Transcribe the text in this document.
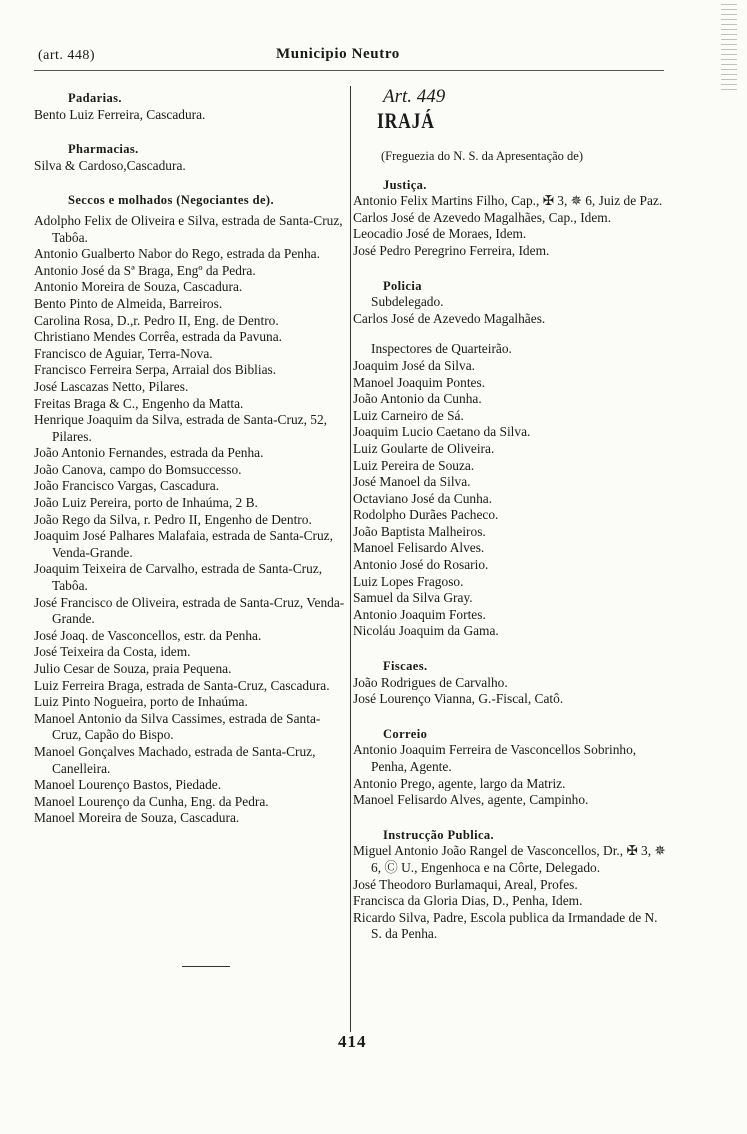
(art. 448)	Municipio Neutro
Padarias.

Bento Luiz Ferreira, Cascadura.

Pharmacias.

Silva & Cardoso,Cascadura.

Seccos e molhados (Negociantes de).

Adolpho Felix de Oliveira e Silva, estrada de Santa-Cruz, Tabôa.

Antonio Gualberto Nabor do Rego, estrada da Penha.

Antonio José da Sª Braga, Engº da Pedra.

Antonio Moreira de Souza, Cascadura.

Bento Pinto de Almeida, Barreiros.

Carolina Rosa, D.,r. Pedro II, Eng. de Dentro.

Christiano Mendes Corrêa, estrada da Pavuna.

Francisco de Aguiar, Terra-Nova.

Francisco Ferreira Serpa, Arraial dos Biblias.

José Lascazas Netto, Pilares.

Freitas Braga & C., Engenho da Matta.

Henrique Joaquim da Silva, estrada de Santa-Cruz, 52, Pilares.

João Antonio Fernandes, estrada da Penha.

João Canova, campo do Bomsuccesso.

João Francisco Vargas, Cascadura.

João Luiz Pereira, porto de Inhaúma, 2 B.

João Rego da Silva, r. Pedro II, Engenho de Dentro.

Joaquim José Palhares Malafaia, estrada de Santa-Cruz, Venda-Grande.

Joaquim Teixeira de Carvalho, estrada de Santa-Cruz, Tabôa.

José Francisco de Oliveira, estrada de Santa-Cruz, Venda-Grande.

José Joaq. de Vasconcellos, estr. da Penha.

José Teixeira da Costa, idem.

Julio Cesar de Souza, praia Pequena.

Luiz Ferreira Braga, estrada de Santa-Cruz, Cascadura.

Luiz Pinto Nogueira, porto de Inhaúma.

Manoel Antonio da Silva Cassimes, estrada de Santa-Cruz, Capão do Bispo.

Manoel Gonçalves Machado, estrada de Santa-Cruz, Canelleira.

Manoel Lourenço Bastos, Piedade.

Manoel Lourenço da Cunha, Eng. da Pedra.

Manoel Moreira de Souza, Cascadura.

Art. 449
IRAJÁ
(Freguezia do N. S. da Apresentação de)
Justiça.

Antonio Felix Martins Filho, Cap., ✠ 3, ✵ 6, Juiz de Paz.

Carlos José de Azevedo Magalhães, Cap., Idem.

Leocadio José de Moraes, Idem.

José Pedro Peregrino Ferreira, Idem.

Policia
Subdelegado.

Carlos José de Azevedo Magalhães.

Inspectores de Quarteirão.

Joaquim José da Silva.

Manoel Joaquim Pontes.

João Antonio da Cunha.

Luiz Carneiro de Sá.

Joaquim Lucio Caetano da Silva.

Luiz Goularte de Oliveira.

Luiz Pereira de Souza.

José Manoel da Silva.

Octaviano José da Cunha.

Rodolpho Durães Pacheco.

João Baptista Malheiros.

Manoel Felisardo Alves.

Antonio José do Rosario.

Luiz Lopes Fragoso.

Samuel da Silva Gray.

Antonio Joaquim Fortes.

Nicoláu Joaquim da Gama.

Fiscaes.

João Rodrigues de Carvalho.

José Lourenço Vianna, G.-Fiscal, Catô.

Correio

Antonio Joaquim Ferreira de Vasconcellos Sobrinho, Penha, Agente.

Antonio Prego, agente, largo da Matriz.

Manoel Felisardo Alves, agente, Campinho.

Instrucção Publica.

Miguel Antonio João Rangel de Vasconcellos, Dr., ✠ 3, ✵ 6, Ⓒ U., Engenhoca e na Côrte, Delegado.

José Theodoro Burlamaqui, Areal, Profes.

Francisca da Gloria Dias, D., Penha, Idem.

Ricardo Silva, Padre, Escola publica da Irmandade de N. S. da Penha.

414
